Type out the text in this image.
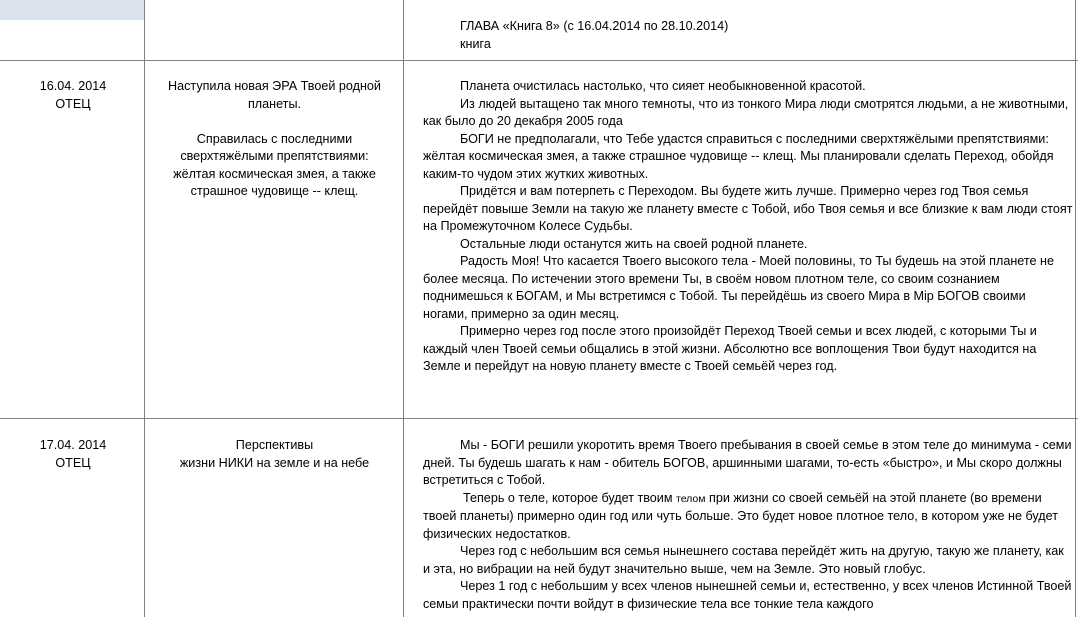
ГЛАВА «Книга 8» (с 16.04.2014 по 28.10.2014)

книга

16.04. 2014
ОТЕЦ
Наступила новая ЭРА Твоей родной
планеты.
Справилась с последними
сверхтяжёлыми препятствиями:
жёлтая космическая змея, а также
страшное чудовище -- клещ.

Планета очистилась настолько, что сияет необыкновенной красотой.

Из людей вытащено так много темноты, что из тонкого Мира люди смотрятся людьми, а не животными, как было до 20 декабря 2005 года

БОГИ не предполагали, что Тебе удастся справиться с последними сверхтяжёлыми препятствиями: жёлтая космическая змея, а также страшное чудовище -- клещ. Мы планировали сделать Переход, обойдя каким-то чудом этих жутких животных.

Придётся и вам потерпеть с Переходом. Вы будете жить лучше. Примерно через год Твоя семья перейдёт повыше Земли на такую же планету вместе с Тобой, ибо Твоя семья и все близкие к вам люди стоят на Промежуточном Колесе Судьбы.

Остальные люди останутся жить на своей родной планете.

Радость Моя! Что касается Твоего высокого тела - Моей половины, то Ты будешь на этой планете не более месяца. По истечении этого времени Ты, в своём новом плотном теле, со своим сознанием поднимешься к БОГАМ, и Мы встретимся с Тобой. Ты перейдёшь из своего Мира в Мір БОГОВ своими ногами, примерно за один месяц.

Примерно через год после этого произойдёт Переход Твоей семьи и всех людей, с которыми Ты и каждый член Твоей семьи общались в этой жизни. Абсолютно все воплощения Твои будут находится на Земле и перейдут на новую планету вместе с Твоей семьёй через год.

17.04. 2014
ОТЕЦ
Перспективы
жизни НИКИ на земле и на небе

Мы - БОГИ решили укоротить время Твоего пребывания в своей семье в этом теле до минимума - семи дней. Ты будешь шагать к нам - обитель БОГОВ, аршинными шагами, то-есть «быстро», и Мы скоро должны встретиться с Тобой.

Теперь о теле, которое будет твоим телом при жизни со своей семьёй на этой планете (во времени твоей планеты) примерно один год или чуть больше. Это будет новое плотное тело, в котором уже не будет физических недостатков.

Через год с небольшим вся семья нынешнего состава перейдёт жить на другую, такую же планету, как и эта, но вибрации на ней будут значительно выше, чем на Земле. Это новый глобус.

Через 1 год с небольшим у всех членов нынешней семьи и, естественно, у всех членов Истинной Твоей семьи практически почти войдут в физические тела все тонкие тела каждого
